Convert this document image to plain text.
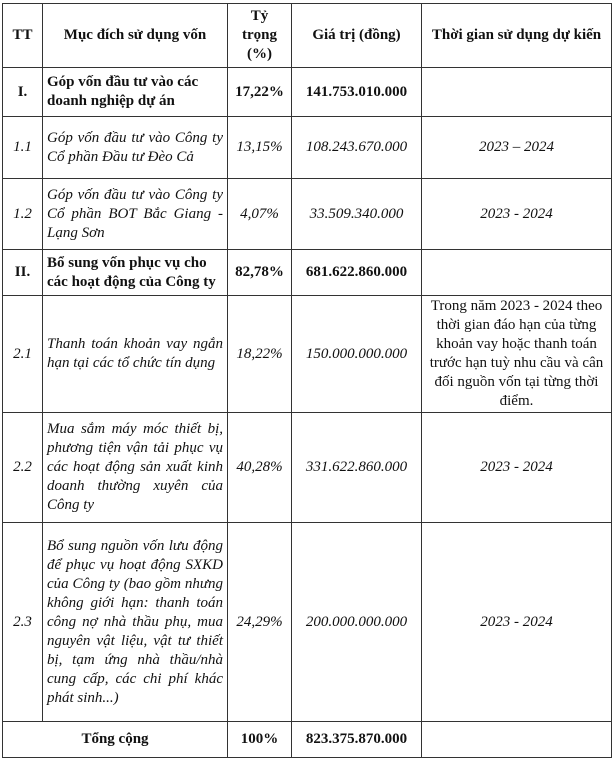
TT	Mục đích sử dụng vốn	Tỷ trọng (%)	Giá trị (đồng)	Thời gian sử dụng dự kiến
I.	Góp vốn đầu tư vào các doanh nghiệp dự án	17,22%	141.753.010.000	
1.1	Góp vốn đầu tư vào Công ty Cổ phần Đầu tư Đèo Cả	13,15%	108.243.670.000	2023 – 2024
1.2	Góp vốn đầu tư vào Công ty Cổ phần BOT Bắc Giang - Lạng Sơn	4,07%	33.509.340.000	2023 - 2024
II.	Bổ sung vốn phục vụ cho các hoạt động của Công ty	82,78%	681.622.860.000	
2.1	Thanh toán khoản vay ngắn hạn tại các tổ chức tín dụng	18,22%	150.000.000.000	Trong năm 2023 - 2024 theo thời gian đáo hạn của từng khoản vay hoặc thanh toán trước hạn tuỳ nhu cầu và cân đối nguồn vốn tại từng thời điểm.
2.2	Mua sắm máy móc thiết bị, phương tiện vận tải phục vụ các hoạt động sản xuất kinh doanh thường xuyên của Công ty	40,28%	331.622.860.000	2023 - 2024
2.3	Bổ sung nguồn vốn lưu động để phục vụ hoạt động SXKD của Công ty (bao gồm nhưng không giới hạn: thanh toán công nợ nhà thầu phụ, mua nguyên vật liệu, vật tư thiết bị, tạm ứng nhà thầu/nhà cung cấp, các chi phí khác phát sinh...)	24,29%	200.000.000.000	2023 - 2024
Tổng cộng		100%	823.375.870.000	
